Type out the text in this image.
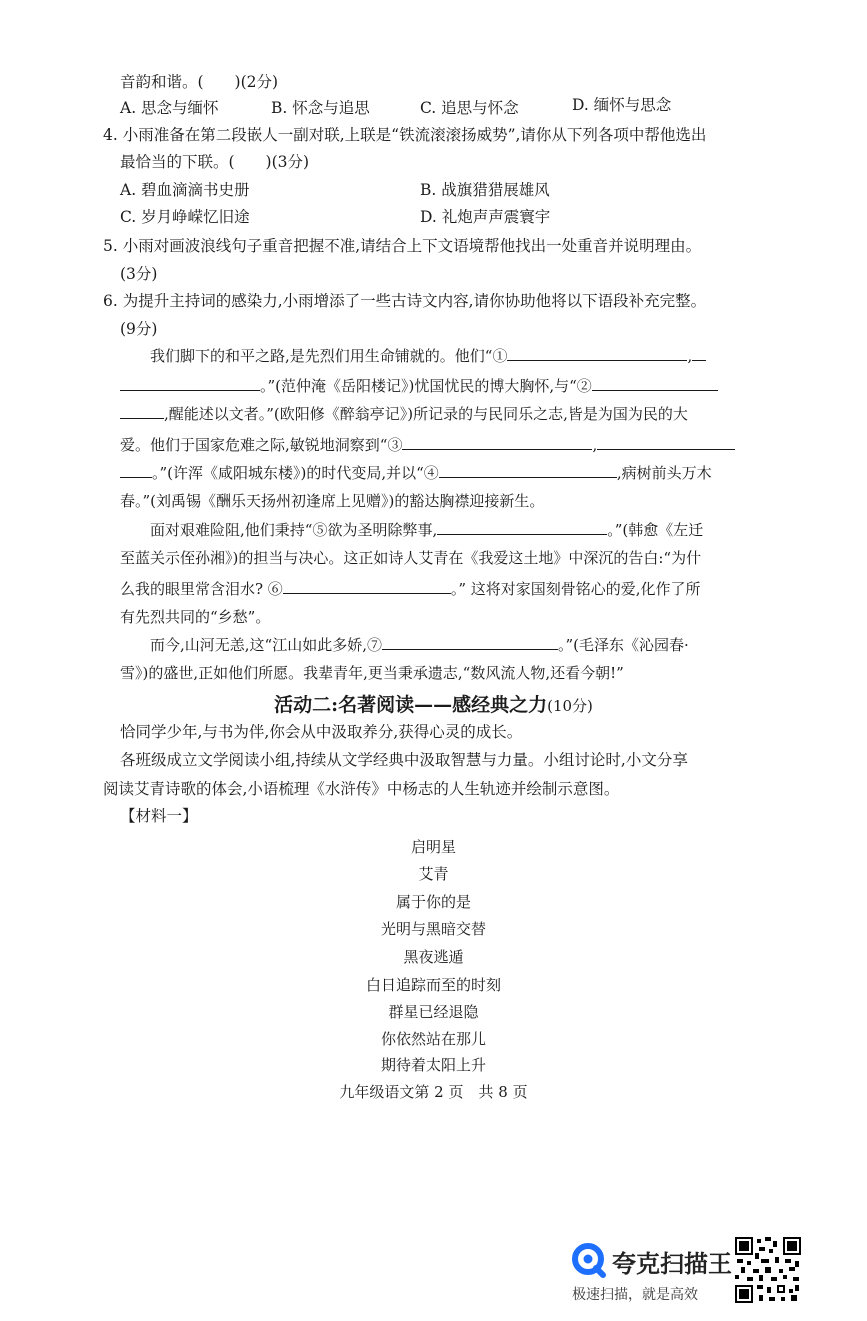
音韵和谐。(　　)(2分)
A. 思念与缅怀	B. 怀念与追思	C. 追思与怀念	D. 缅怀与思念
4. 小雨准备在第二段嵌人一副对联,上联是“铁流滚滚扬威势”,请你从下列各项中帮他选出
最恰当的下联。(　　)(3分)
A. 碧血滴滴书史册	B. 战旗猎猎展雄风
C. 岁月峥嵘忆旧途	D. 礼炮声声震寰宇
5. 小雨对画波浪线句子重音把握不准,请结合上下文语境帮他找出一处重音并说明理由。
(3分)
6. 为提升主持词的感染力,小雨增添了一些古诗文内容,请你协助他将以下语段补充完整。
(9分)
我们脚下的和平之路,是先烈们用生命铺就的。他们“①	,
。”(范仲淹《岳阳楼记》)忧国忧民的博大胸怀,与“②
,醒能述以文者。”(欧阳修《醉翁亭记》)所记录的与民同乐之志,皆是为国为民的大
爱。他们于国家危难之际,敏锐地洞察到“③	,
。”(许浑《咸阳城东楼》)的时代变局,并以“④	,病树前头万木
春。”(刘禹锡《酬乐天扬州初逢席上见赠》)的豁达胸襟迎接新生。
面对艰难险阻,他们秉持“⑤欲为圣明除弊事,	。”(韩愈《左迁
至蓝关示侄孙湘》)的担当与决心。这正如诗人艾青在《我爱这土地》中深沉的告白:“为什
么我的眼里常含泪水? ⑥	。” 这将对家国刻骨铭心的爱,化作了所
有先烈共同的“乡愁”。
而今,山河无恙,这“江山如此多娇,⑦	。”(毛泽东《沁园春·
雪》)的盛世,正如他们所愿。我辈青年,更当秉承遗志,“数风流人物,还看今朝!”
活动二:名著阅读——感经典之力(10分)
恰同学少年,与书为伴,你会从中汲取养分,获得心灵的成长。
各班级成立文学阅读小组,持续从文学经典中汲取智慧与力量。小组讨论时,小文分享
阅读艾青诗歌的体会,小语梳理《水浒传》中杨志的人生轨迹并绘制示意图。
【材料一】
启明星
艾青
属于你的是
光明与黑暗交替
黑夜逃遁
白日追踪而至的时刻
群星已经退隐
你依然站在那儿
期待着太阳上升
九年级语文第 2 页　共 8 页
夸克扫描王
极速扫描，就是高效
